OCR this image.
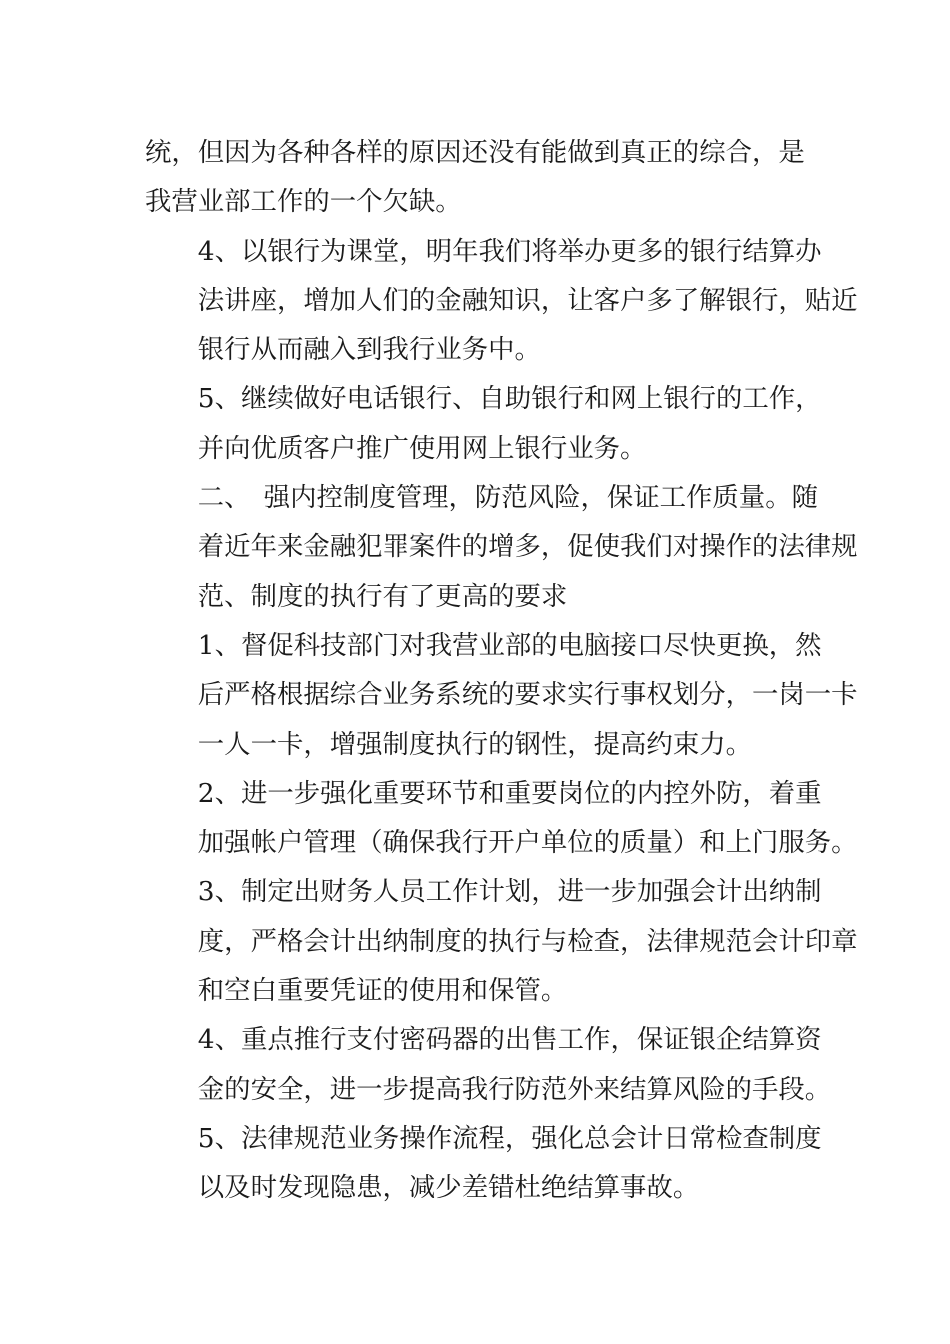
统，但因为各种各样的原因还没有能做到真正的综合，是
我营业部工作的一个欠缺。

4、以银行为课堂，明年我们将举办更多的银行结算办
法讲座，增加人们的金融知识，让客户多了解银行，贴近
银行从而融入到我行业务中。

5、继续做好电话银行、自助银行和网上银行的工作，
并向优质客户推广使用网上银行业务。

二、　强内控制度管理，防范风险，保证工作质量。随
着近年来金融犯罪案件的增多，促使我们对操作的法律规
范、制度的执行有了更高的要求

1、督促科技部门对我营业部的电脑接口尽快更换，然
后严格根据综合业务系统的要求实行事权划分，一岗一卡
一人一卡，增强制度执行的钢性，提高约束力。

2、进一步强化重要环节和重要岗位的内控外防，着重
加强帐户管理（确保我行开户单位的质量）和上门服务。

3、制定出财务人员工作计划，进一步加强会计出纳制
度，严格会计出纳制度的执行与检查，法律规范会计印章
和空白重要凭证的使用和保管。

4、重点推行支付密码器的出售工作，保证银企结算资
金的安全，进一步提高我行防范外来结算风险的手段。

5、法律规范业务操作流程，强化总会计日常检查制度
以及时发现隐患，减少差错杜绝结算事故。
